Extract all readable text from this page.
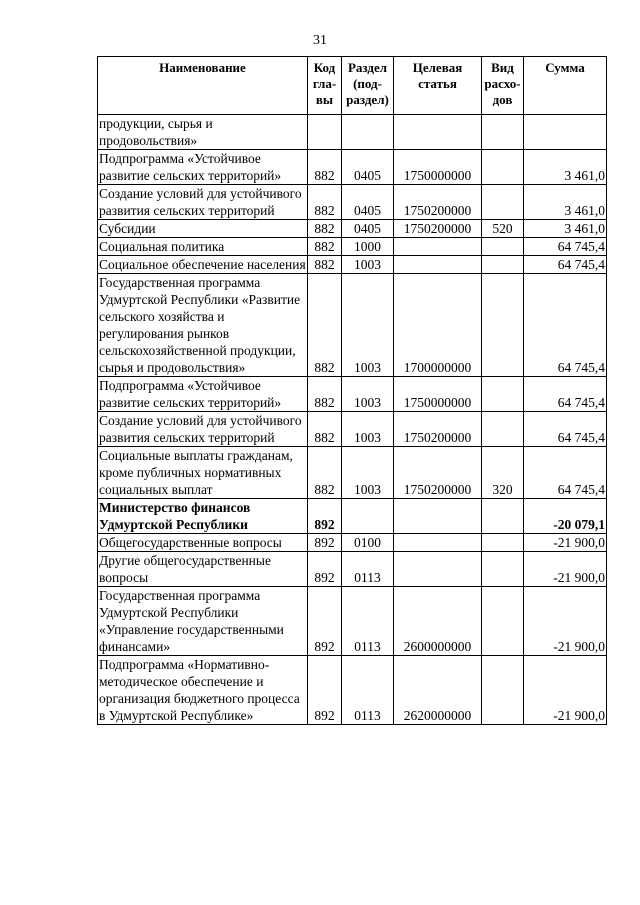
31
Наименование	Код гла- вы	Раздел (под- раздел)	Целевая статья	Вид расхо- дов	Сумма
продукции, сырья и продовольствия»					
Подпрограмма «Устойчивое развитие сельских территорий»	882	0405	1750000000		3 461,0
Создание условий для устойчивого развития сельских территорий	882	0405	1750200000		3 461,0
Субсидии	882	0405	1750200000	520	3 461,0
Социальная политика	882	1000			64 745,4
Социальное обеспечение населения	882	1003			64 745,4
Государственная программа Удмуртской Республики «Развитие сельского хозяйства и регулирования рынков сельскохозяйственной продукции, сырья и продовольствия»	882	1003	1700000000		64 745,4
Подпрограмма «Устойчивое развитие сельских территорий»	882	1003	1750000000		64 745,4
Создание условий для устойчивого развития сельских территорий	882	1003	1750200000		64 745,4
Социальные выплаты гражданам, кроме публичных нормативных социальных выплат	882	1003	1750200000	320	64 745,4
Министерство финансов Удмуртской Республики	892				-20 079,1
Общегосударственные вопросы	892	0100			-21 900,0
Другие общегосударственные вопросы	892	0113			-21 900,0
Государственная программа Удмуртской Республики «Управление государственными финансами»	892	0113	2600000000		-21 900,0
Подпрограмма «Нормативно-методическое обеспечение и организация бюджетного процесса в Удмуртской Республике»	892	0113	2620000000		-21 900,0
